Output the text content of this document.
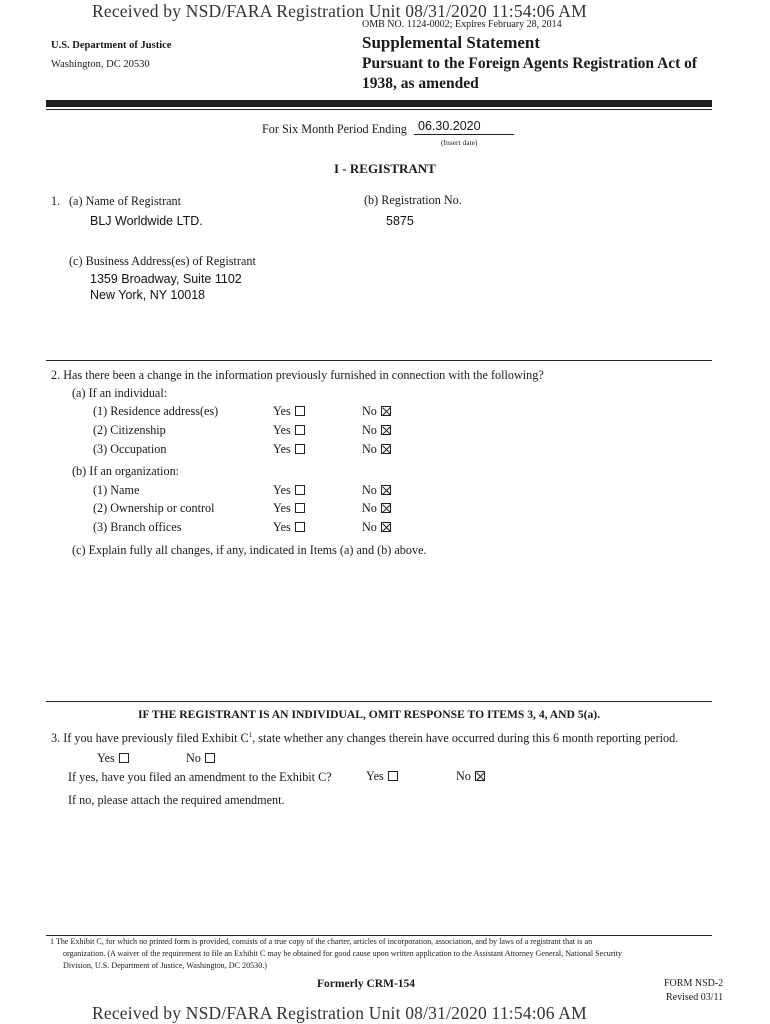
Received by NSD/FARA Registration Unit 08/31/2020 11:54:06 AM
OMB NO. 1124-0002; Expires February 28, 2014
U.S. Department of Justice
Washington, DC 20530
Supplemental Statement
Pursuant to the Foreign Agents Registration Act of
1938, as amended
For Six Month Period Ending 06.30.2020
(Insert date)
I - REGISTRANT
1. (a) Name of Registrant
BLJ Worldwide LTD.
(b) Registration No.
5875
(c) Business Address(es) of Registrant
1359 Broadway, Suite 1102
New York, NY 10018
2. Has there been a change in the information previously furnished in connection with the following?
(a) If an individual:
(1) Residence address(es)	Yes	No
(2) Citizenship	Yes	No
(3) Occupation	Yes	No
(b) If an organization:
(1) Name	Yes	No
(2) Ownership or control	Yes	No
(3) Branch offices	Yes	No
(c) Explain fully all changes, if any, indicated in Items (a) and (b) above.
IF THE REGISTRANT IS AN INDIVIDUAL, OMIT RESPONSE TO ITEMS 3, 4, AND 5(a).
3. If you have previously filed Exhibit $C^1$, state whether any changes therein have occurred during this 6 month reporting period.
Yes	No
If yes, have you filed an amendment to the Exhibit C?	Yes	No
If no, please attach the required amendment.
1 The Exhibit C, for which no printed form is provided, consists of a true copy of the charter, articles of incorporation, association, and by laws of a registrant that is an
organization. (A waiver of the requirement to file an Exhibit C may be obtained for good cause upon written application to the Assistant Attorney General, National Security
Division, U.S. Department of Justice, Washington, DC 20530.)
Formerly CRM-154	FORM NSD-2
Revised 03/11
Received by NSD/FARA Registration Unit 08/31/2020 11:54:06 AM
